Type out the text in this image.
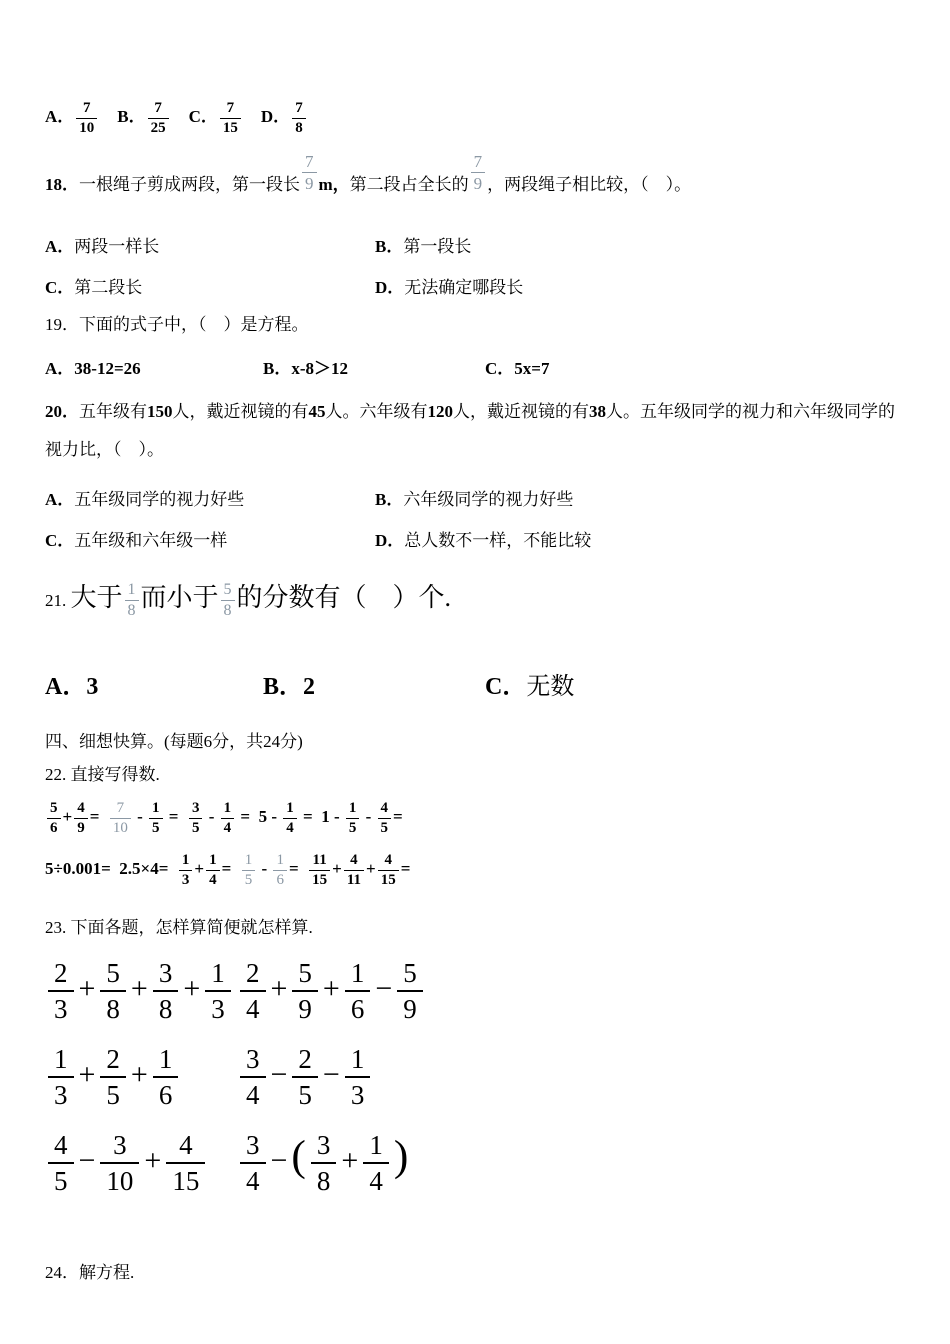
A． $\frac{7}{10}$ B． $\frac{7}{25}$ C． $\frac{7}{15}$ D． $\frac{7}{8}$
18．一根绳子剪成两段，第一段长 $\frac{7}{9}$ m，第二段占全长的 $\frac{7}{9}$ ，两段绳子相比较，（　）。
A．两段一样长	B．第一段长
C．第二段长	D．无法确定哪段长
19．下面的式子中，（　）是方程。
A．38-12=26	B．x-8＞12	C．5x=7
20．五年级有150人，戴近视镜的有45人。六年级有120人，戴近视镜的有38人。五年级同学的视力和六年级同学的视力比，（　）。
A．五年级同学的视力好些	B．六年级同学的视力好些
C．五年级和六年级一样	D．总人数不一样，不能比较
21. 大于 $\frac{1}{8}$ 而小于 $\frac{5}{8}$ 的分数有（　）个.
A．3	B．2	C．无数
四、细想快算。(每题6分，共24分)
22. 直接写得数.
$\frac{5}{6} + \frac{4}{9} = \frac{7}{10} - \frac{1}{5} = \frac{3}{5} - \frac{1}{4} = 5 - \frac{1}{4} = 1 - \frac{1}{5} - \frac{4}{5}$ =
$5\div 0.001= 2.5\times 4= \frac{1}{3} + \frac{1}{4} = \frac{1}{5} - \frac{1}{6} = \frac{11}{15} + \frac{4}{11} + \frac{4}{15}$ =
23. 下面各题，怎样算简便就怎样算.
$\frac{2}{3} + \frac{5}{8} + \frac{3}{8} + \frac{1}{3} \frac{2}{4} + \frac{5}{9} + \frac{1}{6} - \frac{5}{9}$
$\frac{1}{3} + \frac{2}{5} + \frac{1}{6} \frac{3}{4} - \frac{2}{5} - \frac{1}{3}$
$\frac{4}{5} - \frac{3}{10} + \frac{4}{15} \frac{3}{4}$ −( $\frac{3}{8} + \frac{1}{4}$ )
24．解方程.
